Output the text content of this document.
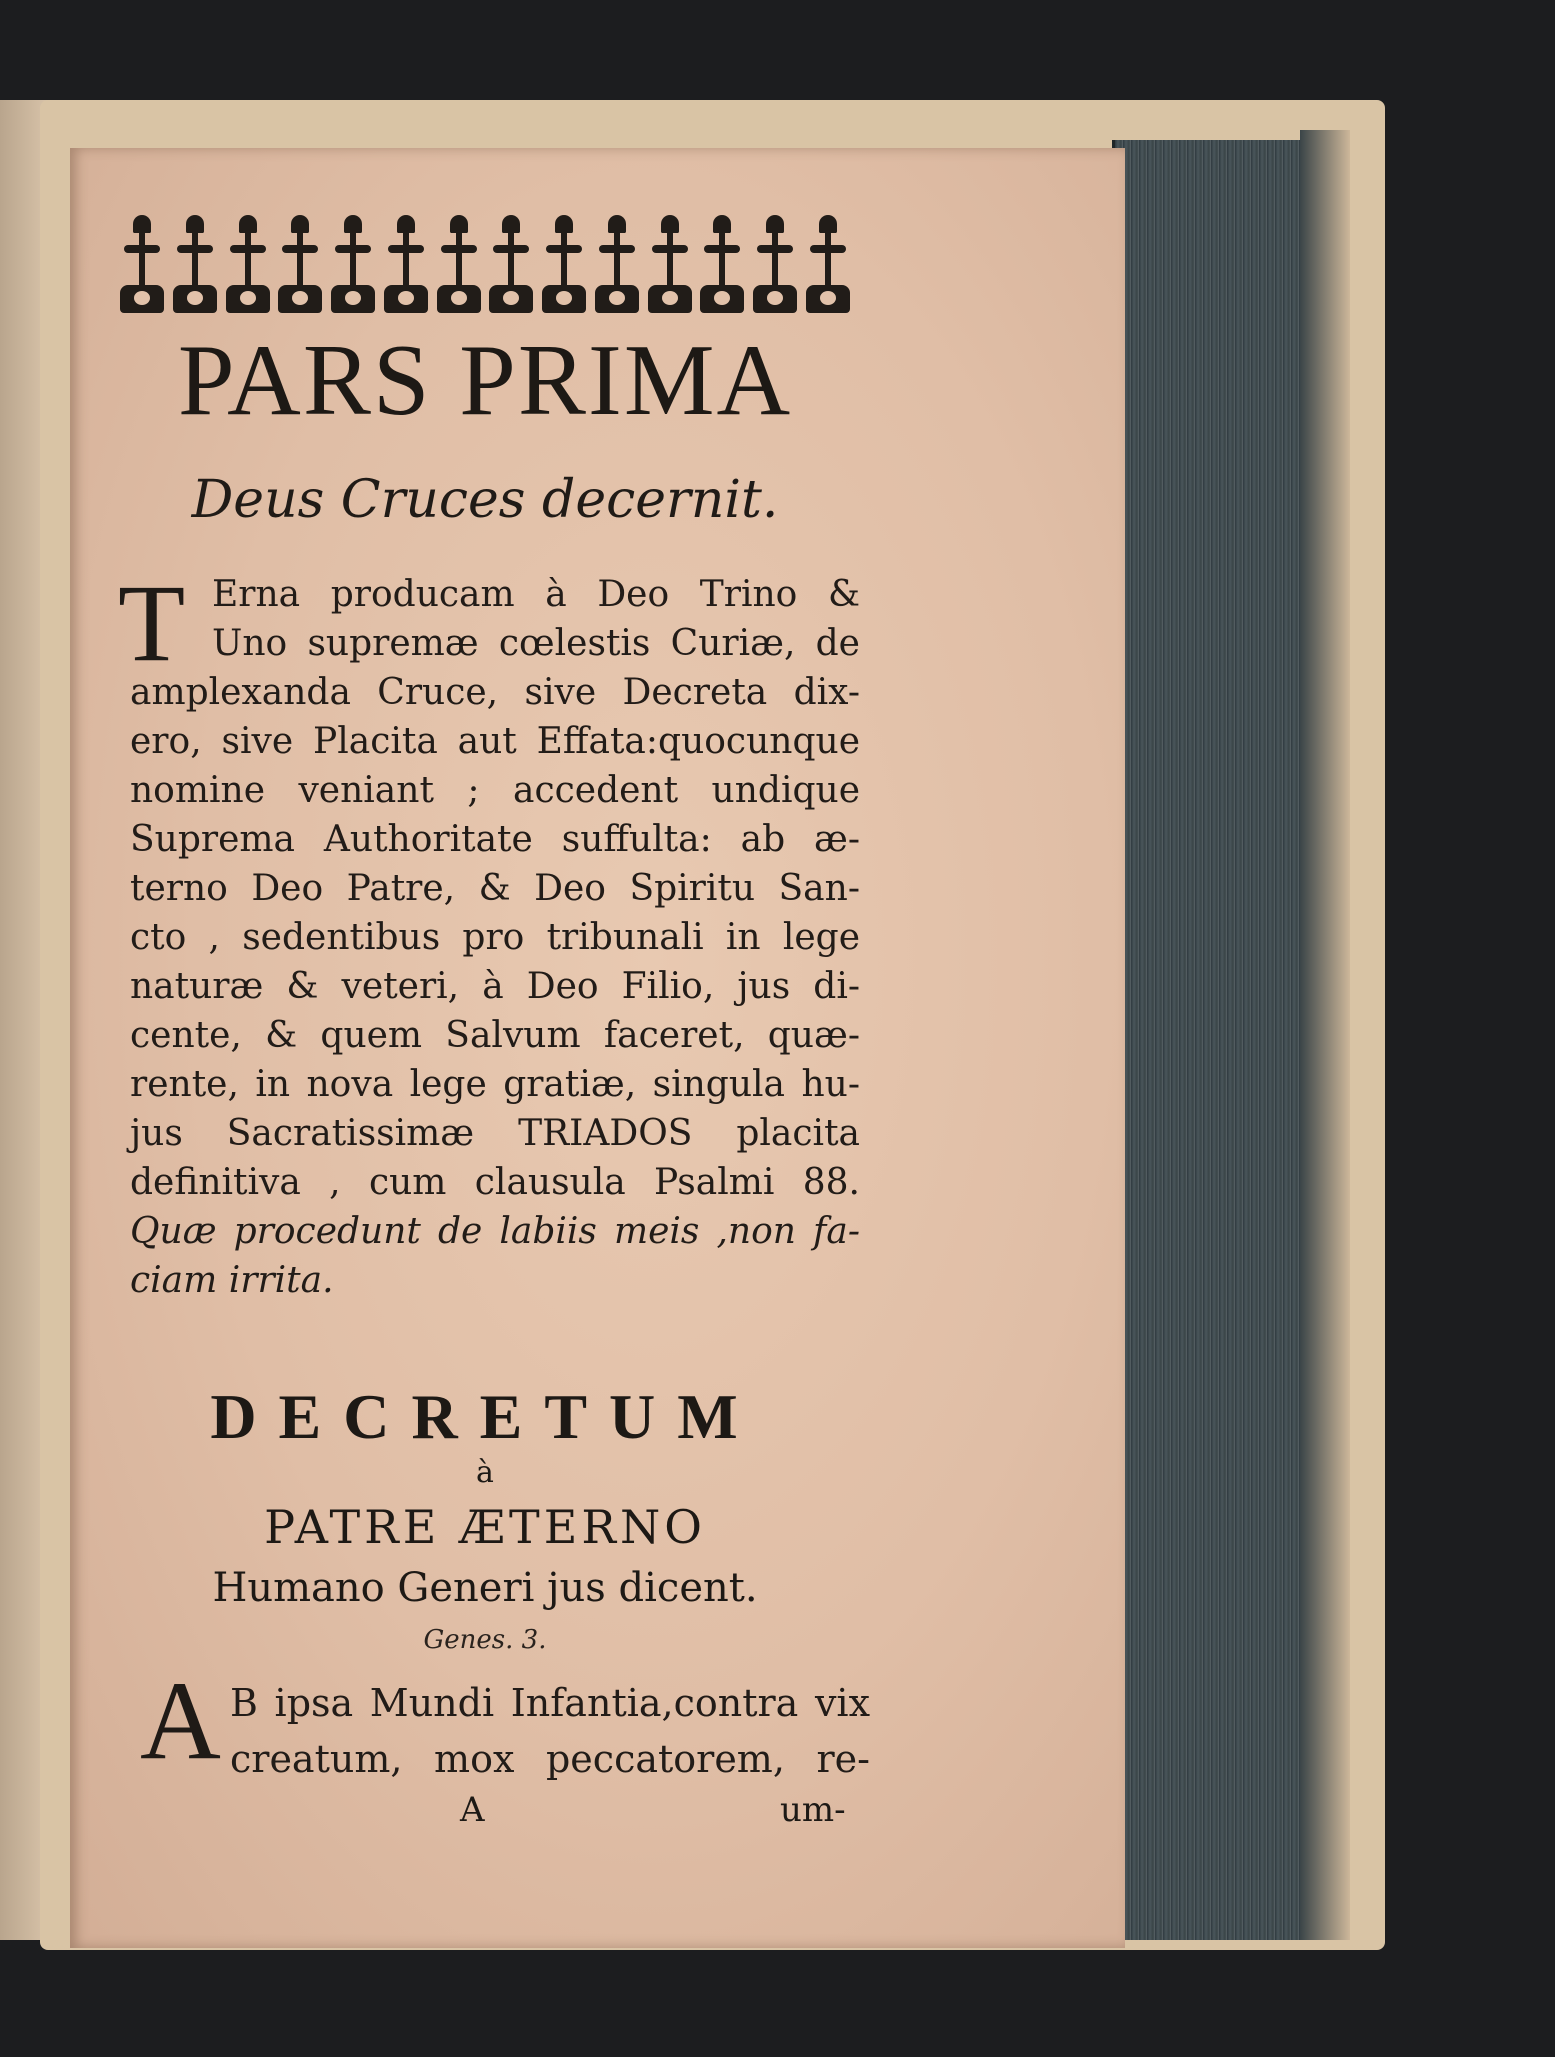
PARS PRIMA
Deus Cruces decernit.
T Erna producam à Deo Trino &
Uno supremæ cœlestis Curiæ, de
amplexanda Cruce, sive Decreta dix-
ero, sive Placita aut Effata:quocunque
nomine veniant ; accedent undique
Suprema Authoritate suffulta: ab æ-
terno Deo Patre, & Deo Spiritu San-
cto , sedentibus pro tribunali in lege
naturæ & veteri, à Deo Filio, jus di-
cente, & quem Salvum faceret, quæ-
rente, in nova lege gratiæ, singula hu-
jus Sacratissimæ TRIADOS placita
definitiva , cum clausula Psalmi 88.
Quæ procedunt de labiis meis ,non fa-
ciam irrita.
DECRETUM
à
PATRE ÆTERNO
Humano Generi jus dicent.
Genes. 3.
A B ipsa Mundi Infantia,contra vix
creatum, mox peccatorem, re-
A	um-
